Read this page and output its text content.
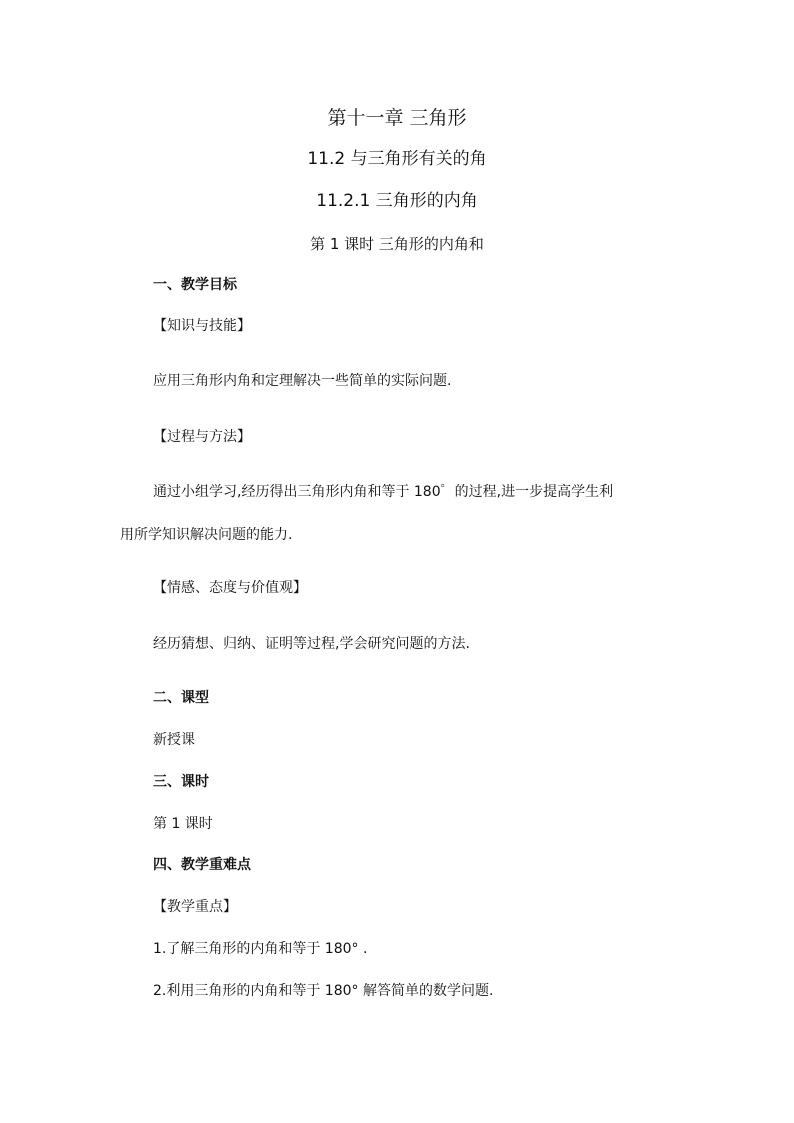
第十一章 三角形
11.2 与三角形有关的角
11.2.1 三角形的内角
第 1 课时 三角形的内角和
一、教学目标
【知识与技能】
应用三角形内角和定理解决一些简单的实际问题.
【过程与方法】
通过小组学习,经历得出三角形内角和等于 180゜的过程,进一步提高学生利
用所学知识解决问题的能力.
【情感、态度与价值观】
经历猜想、归纳、证明等过程,学会研究问题的方法.
二、课型
新授课
三、课时
第 1 课时
四、教学重难点
【教学重点】
1.了解三角形的内角和等于 180° .
2.利用三角形的内角和等于 180° 解答简单的数学问题.
